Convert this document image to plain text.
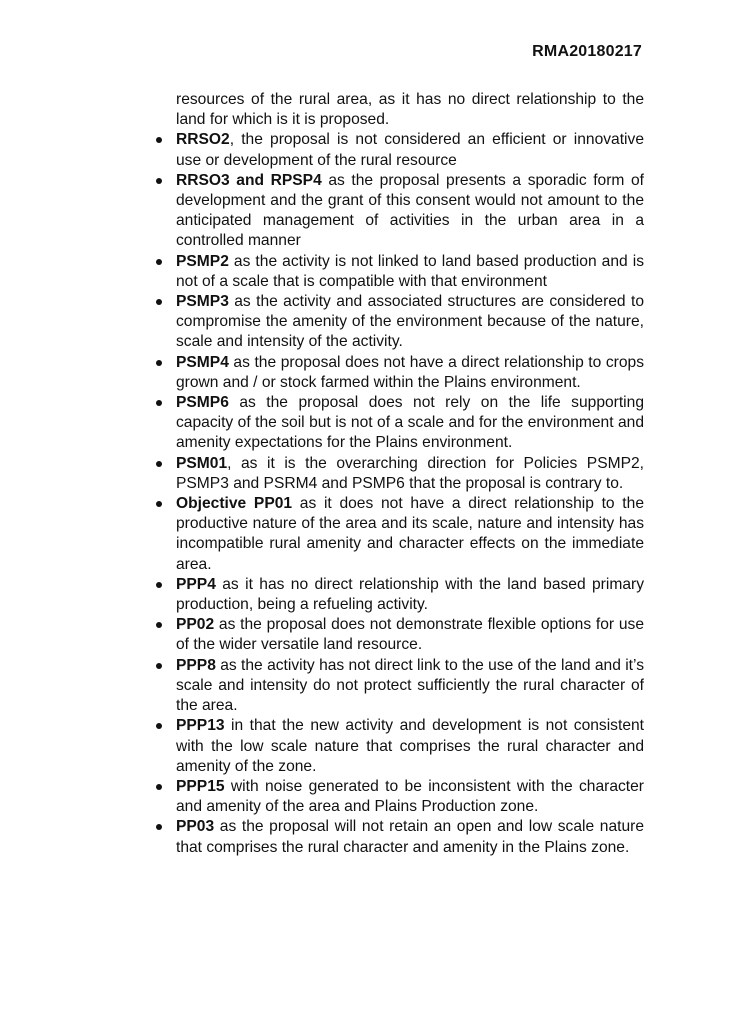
RMA20180217

resources of the rural area, as it has no direct relationship to the land for which is it is proposed.

RRSO2, the proposal is not considered an efficient or innovative use or development of the rural resource
RRSO3 and RPSP4 as the proposal presents a sporadic form of development and the grant of this consent would not amount to the anticipated management of activities in the urban area in a controlled manner
PSMP2 as the activity is not linked to land based production and is not of a scale that is compatible with that environment
PSMP3 as the activity and associated structures are considered to compromise the amenity of the environment because of the nature, scale and intensity of the activity.
PSMP4 as the proposal does not have a direct relationship to crops grown and / or stock farmed within the Plains environment.
PSMP6 as the proposal does not rely on the life supporting capacity of the soil but is not of a scale and for the environment and amenity expectations for the Plains environment.
PSM01, as it is the overarching direction for Policies PSMP2, PSMP3 and PSRM4 and PSMP6 that the proposal is contrary to.
Objective PP01 as it does not have a direct relationship to the productive nature of the area and its scale, nature and intensity has incompatible rural amenity and character effects on the immediate area.
PPP4 as it has no direct relationship with the land based primary production, being a refueling activity.
PP02 as the proposal does not demonstrate flexible options for use of the wider versatile land resource.
PPP8 as the activity has not direct link to the use of the land and it’s scale and intensity do not protect sufficiently the rural character of the area.
PPP13 in that the new activity and development is not consistent with the low scale nature that comprises the rural character and amenity of the zone.
PPP15 with noise generated to be inconsistent with the character and amenity of the area and Plains Production zone.
PP03 as the proposal will not retain an open and low scale nature that comprises the rural character and amenity in the Plains zone.
